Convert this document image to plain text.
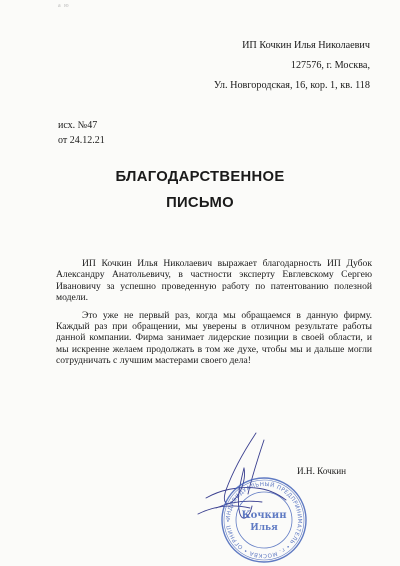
а ю
ИП Кочкин Илья Николаевич
127576, г. Москва,
Ул. Новгородская, 16, кор. 1, кв. 118
исх. №47
от 24.12.21
БЛАГОДАРСТВЕННОЕ
ПИСЬМО

ИП Кочкин Илья Николаевич выражает благодарность ИП Дубок Александру Анатольевичу, в частности эксперту Евглевскому Сергею Ивановичу за успешно проведенную работу по патентованию полезной модели.

Это уже не первый раз, когда мы обращаемся в данную фирму. Каждый раз при обращении, мы уверены в отличном результате работы данной компании. Фирма занимает лидерские позиции в своей области, и мы искренне желаем продолжать в том же духе, чтобы мы и дальше могли сотрудничать с лучшим мастерами своего дела!

И.Н. Кочкин
ИНДИВИДУАЛЬНЫЙ ПРЕДПРИНИМАТЕЛЬ • г. МОСКВА • ОГРНИП • Кочкин
Илья
